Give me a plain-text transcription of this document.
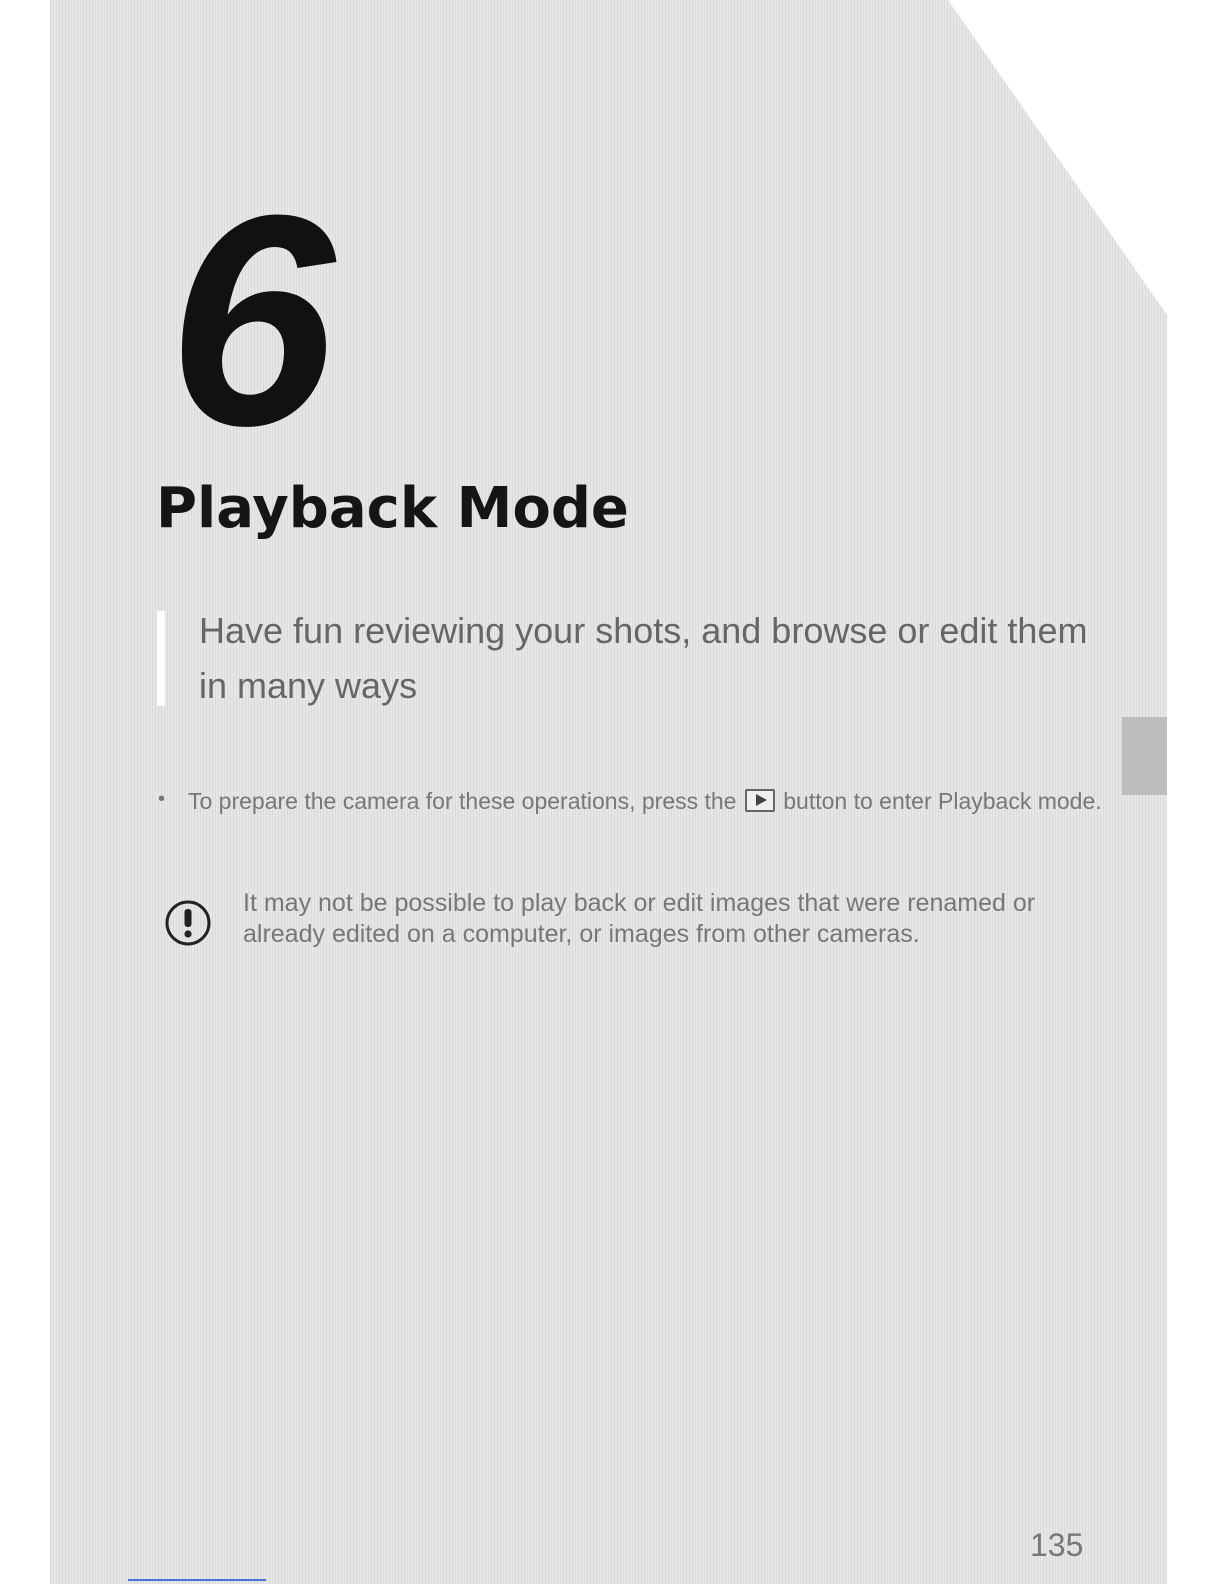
6
Playback Mode
Have fun reviewing your shots, and browse or edit them in many ways
• To prepare the camera for these operations, press the button to enter Playback mode.
It may not be possible to play back or edit images that were renamed or already edited on a computer, or images from other cameras.
135
